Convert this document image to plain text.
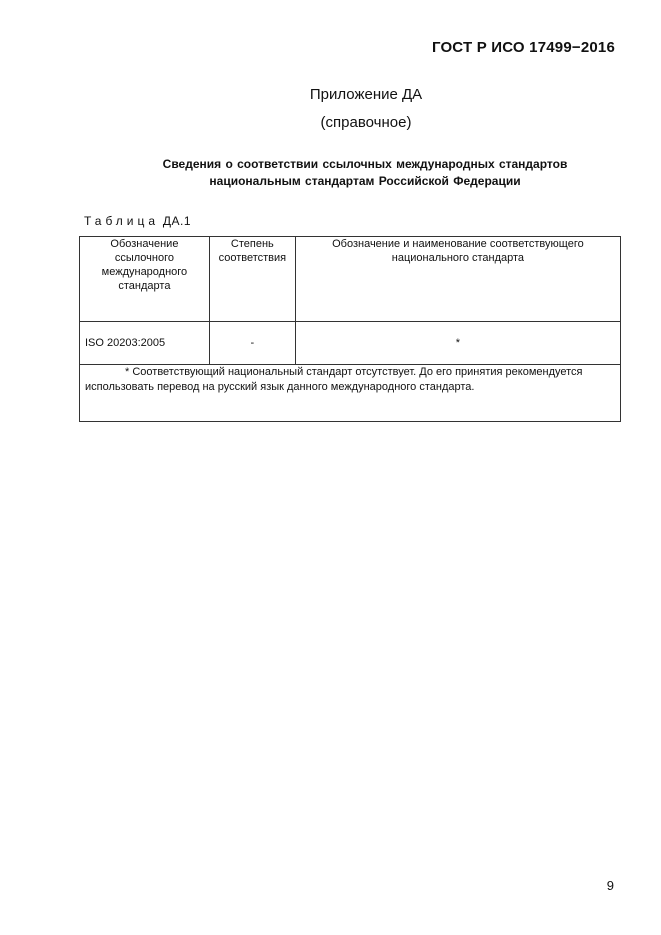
ГОСТ Р ИСО 17499−2016
Приложение ДА
(справочное)
Сведения о соответствии ссылочных международных стандартов
национальным стандартам Российской Федерации
Таблица ДА.1
Обозначение ссылочного международного стандарта	Степень соответствия	Обозначение и наименование соответствующего национального стандарта
ISO 20203:2005	-	*
* Соответствующий национальный стандарт отсутствует. До его принятия рекомендуется использовать перевод на русский язык данного международного стандарта.		
9
